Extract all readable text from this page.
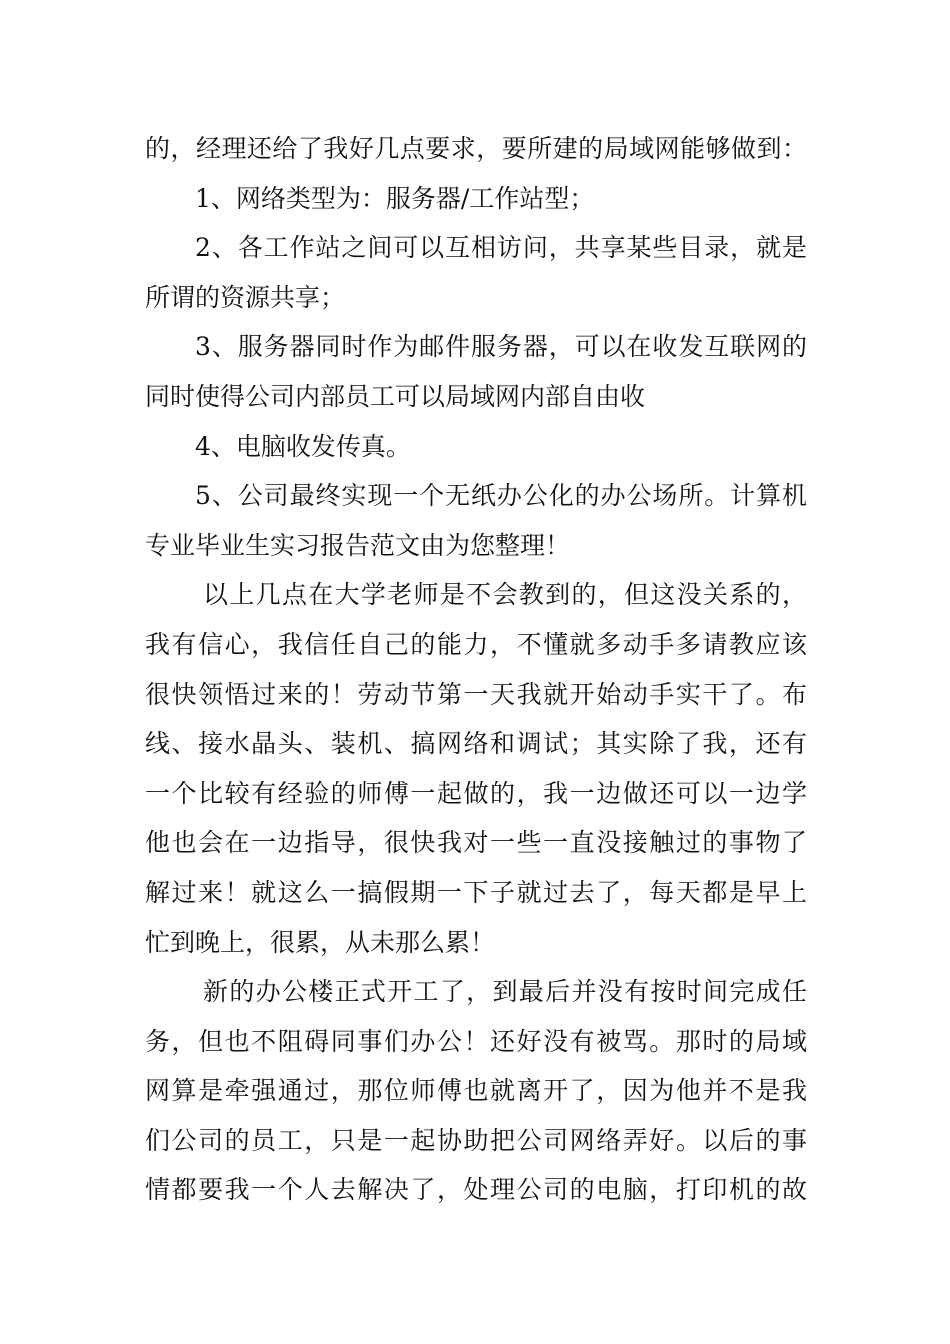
的，经理还给了我好几点要求，要所建的局域网能够做到：
1、网络类型为：服务器/工作站型；
2、各工作站之间可以互相访问，共享某些目录，就是
所谓的资源共享；
3、服务器同时作为邮件服务器，可以在收发互联网的
同时使得公司内部员工可以局域网内部自由收
4、电脑收发传真。
5、公司最终实现一个无纸办公化的办公场所。计算机
专业毕业生实习报告范文由为您整理！
以上几点在大学老师是不会教到的，但这没关系的，
我有信心，我信任自己的能力，不懂就多动手多请教应该
很快领悟过来的！劳动节第一天我就开始动手实干了。布
线、接水晶头、装机、搞网络和调试；其实除了我，还有
一个比较有经验的师傅一起做的，我一边做还可以一边学
他也会在一边指导，很快我对一些一直没接触过的事物了
解过来！就这么一搞假期一下子就过去了，每天都是早上
忙到晚上，很累，从未那么累！
新的办公楼正式开工了，到最后并没有按时间完成任
务，但也不阻碍同事们办公！还好没有被骂。那时的局域
网算是牵强通过，那位师傅也就离开了，因为他并不是我
们公司的员工，只是一起协助把公司网络弄好。以后的事
情都要我一个人去解决了，处理公司的电脑，打印机的故
